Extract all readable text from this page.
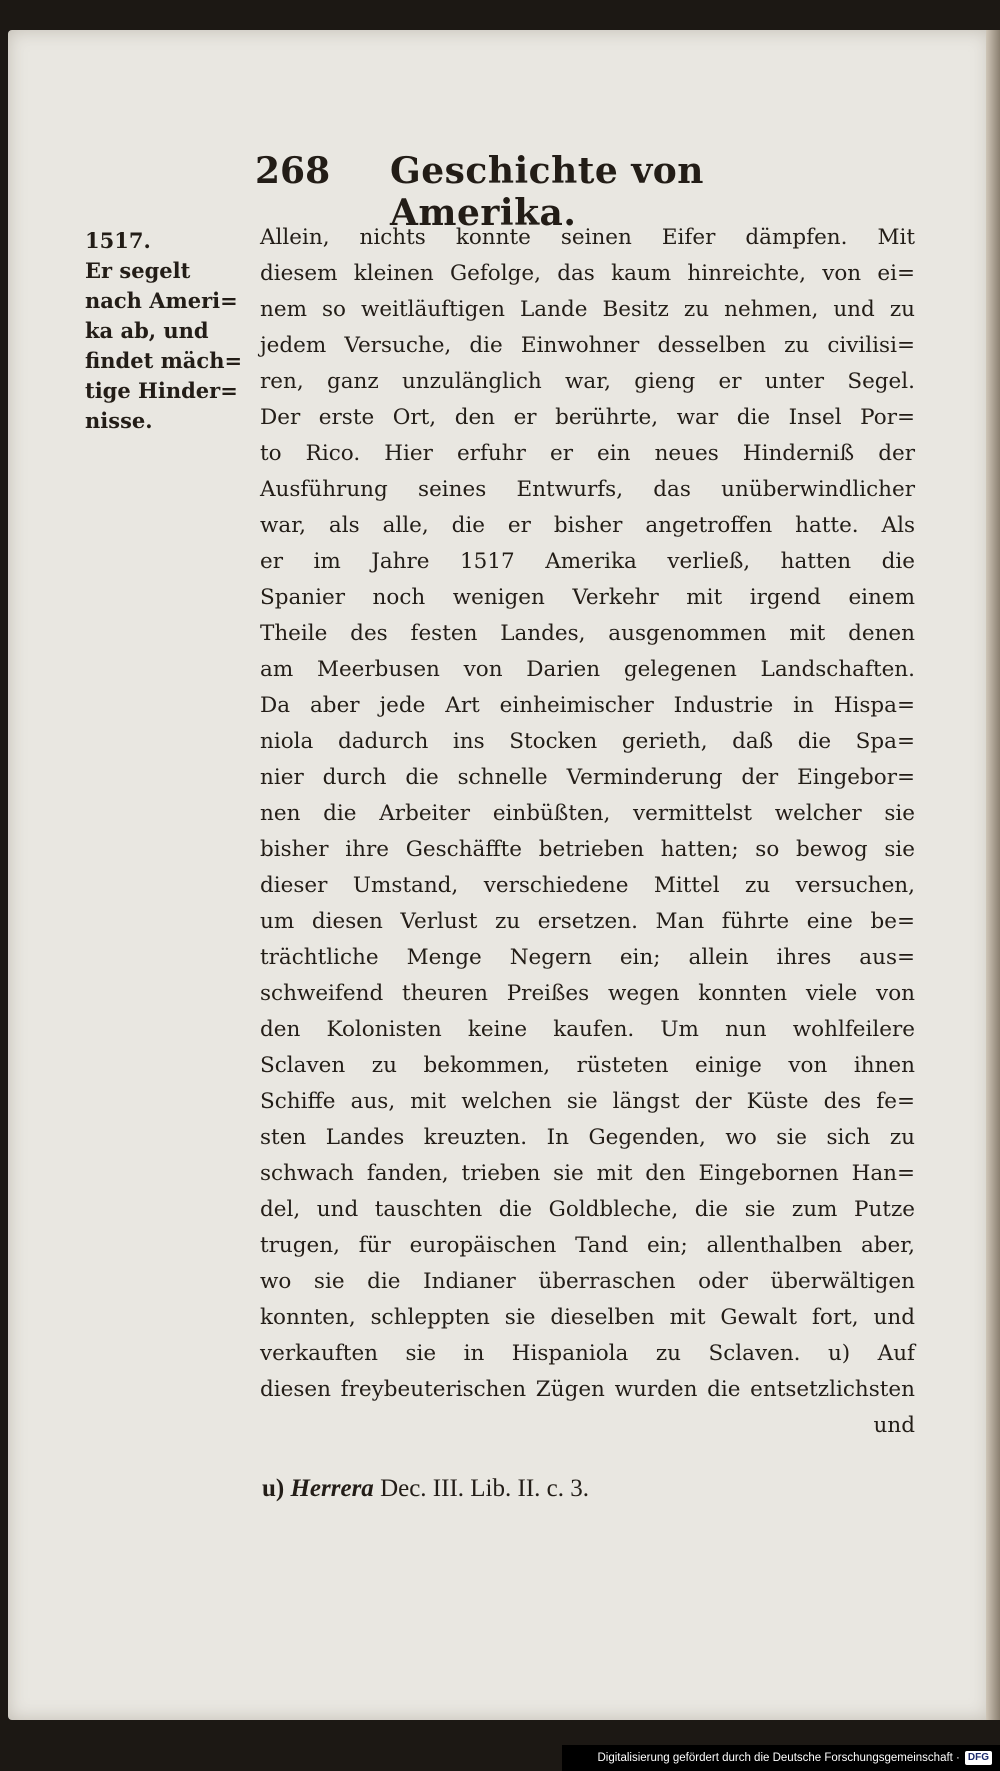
268 Geschichte von Amerika.
1517.
Er segelt
nach Ameri=
ka ab, und
findet mäch=
tige Hinder=
nisse.
Allein, nichts konnte seinen Eifer dämpfen. Mit
diesem kleinen Gefolge, das kaum hinreichte, von ei=
nem so weitläuftigen Lande Besitz zu nehmen, und zu
jedem Versuche, die Einwohner desselben zu civilisi=
ren, ganz unzulänglich war, gieng er unter Segel.
Der erste Ort, den er berührte, war die Insel Por=
to Rico. Hier erfuhr er ein neues Hinderniß der
Ausführung seines Entwurfs, das unüberwindlicher
war, als alle, die er bisher angetroffen hatte. Als
er im Jahre 1517 Amerika verließ, hatten die
Spanier noch wenigen Verkehr mit irgend einem
Theile des festen Landes, ausgenommen mit denen
am Meerbusen von Darien gelegenen Landschaften.
Da aber jede Art einheimischer Industrie in Hispa=
niola dadurch ins Stocken gerieth, daß die Spa=
nier durch die schnelle Verminderung der Eingebor=
nen die Arbeiter einbüßten, vermittelst welcher sie
bisher ihre Geschäffte betrieben hatten; so bewog sie
dieser Umstand, verschiedene Mittel zu versuchen,
um diesen Verlust zu ersetzen. Man führte eine be=
trächtliche Menge Negern ein; allein ihres aus=
schweifend theuren Preißes wegen konnten viele von
den Kolonisten keine kaufen. Um nun wohlfeilere
Sclaven zu bekommen, rüsteten einige von ihnen
Schiffe aus, mit welchen sie längst der Küste des fe=
sten Landes kreuzten. In Gegenden, wo sie sich zu
schwach fanden, trieben sie mit den Eingebornen Han=
del, und tauschten die Goldbleche, die sie zum Putze
trugen, für europäischen Tand ein; allenthalben aber,
wo sie die Indianer überraschen oder überwältigen
konnten, schleppten sie dieselben mit Gewalt fort, und
verkauften sie in Hispaniola zu Sclaven. u) Auf
diesen freybeuterischen Zügen wurden die entsetzlichsten
und
u) Herrera Dec. III. Lib. II. c. 3.
Digitalisierung gefördert durch die Deutsche Forschungsgemeinschaft · DFG
